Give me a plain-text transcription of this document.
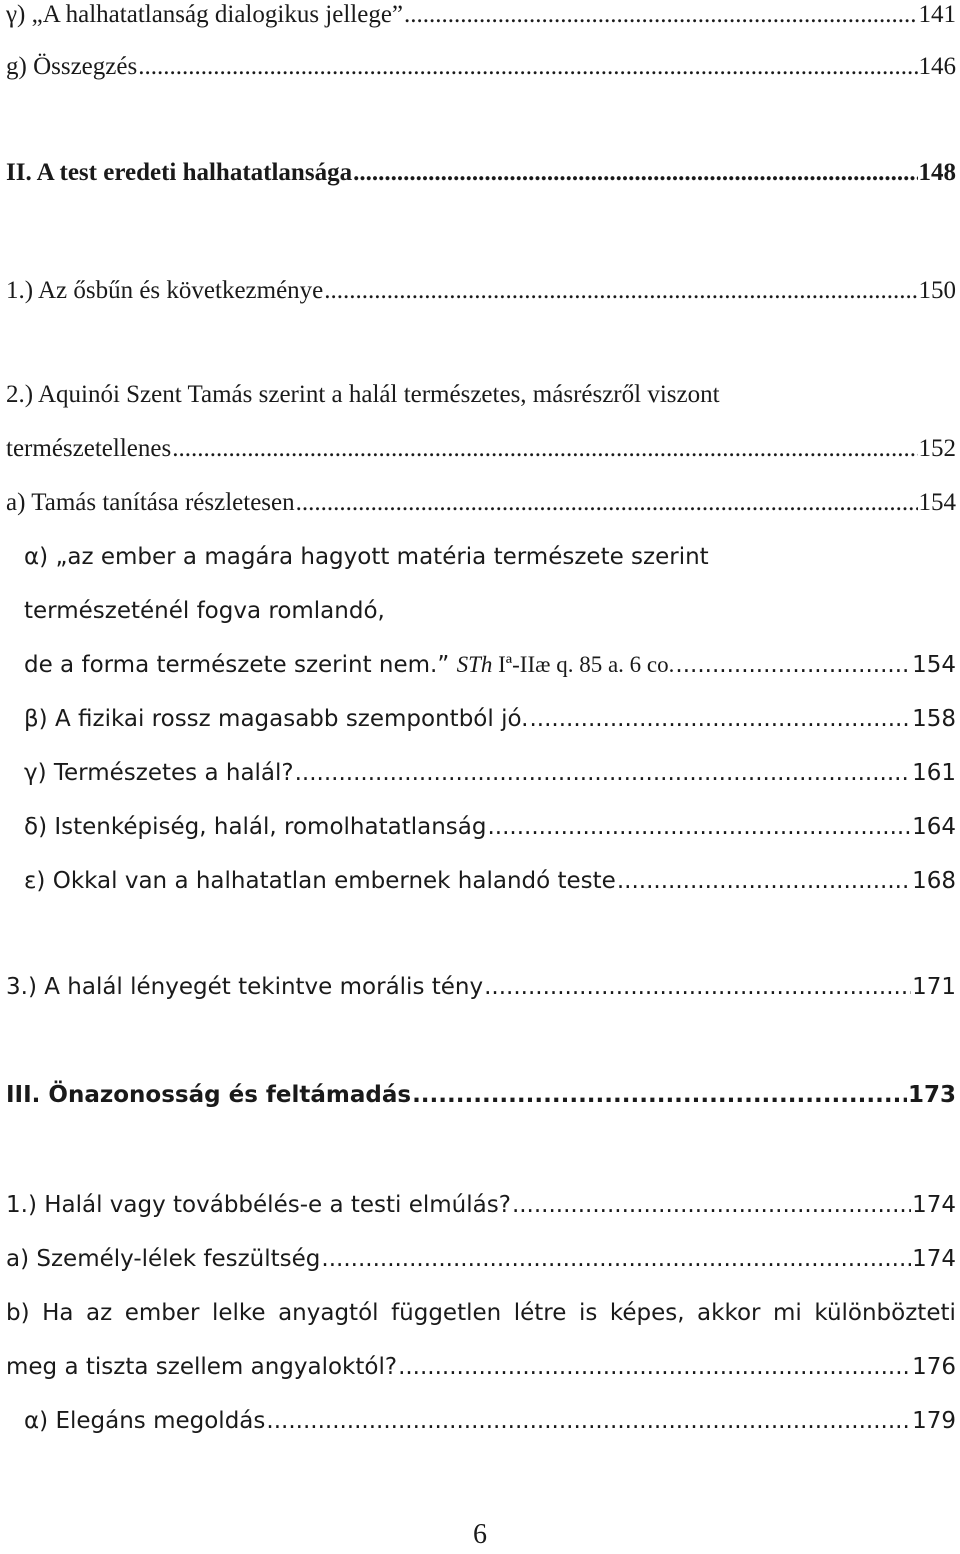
γ) „A halhatatlanság dialogikus jellege” .....	141
g) Összegzés .....	146
II. A test eredeti halhatatlansága .....	148
1.) Az ősbűn és következménye .....	150
2.) Aquinói Szent Tamás szerint a halál természetes, másrészről viszont
természetellenes .....	152
a) Tamás tanítása részletesen .....	154
α) „az ember a magára hagyott matéria természete szerint
természeténél fogva romlandó,
de a forma természete szerint nem.” STh Iª-IIæ q. 85 a. 6 co. .....	154
β) A fizikai rossz magasabb szempontból jó. .....	158
γ) Természetes a halál? .....	161
δ) Istenképiség, halál, romolhatatlanság .....	164
ε) Okkal van a halhatatlan embernek halandó teste .....	168
3.) A halál lényegét tekintve morális tény .....	171
III. Önazonosság és feltámadás .....	173
1.) Halál vagy továbbélés-e a testi elmúlás? .....	174
a) Személy-lélek feszültség .....	174
b) Ha az ember lelke anyagtól független létre is képes, akkor mi különbözteti
meg a tiszta szellem angyaloktól? .....	176
α) Elegáns megoldás .....	179
6
